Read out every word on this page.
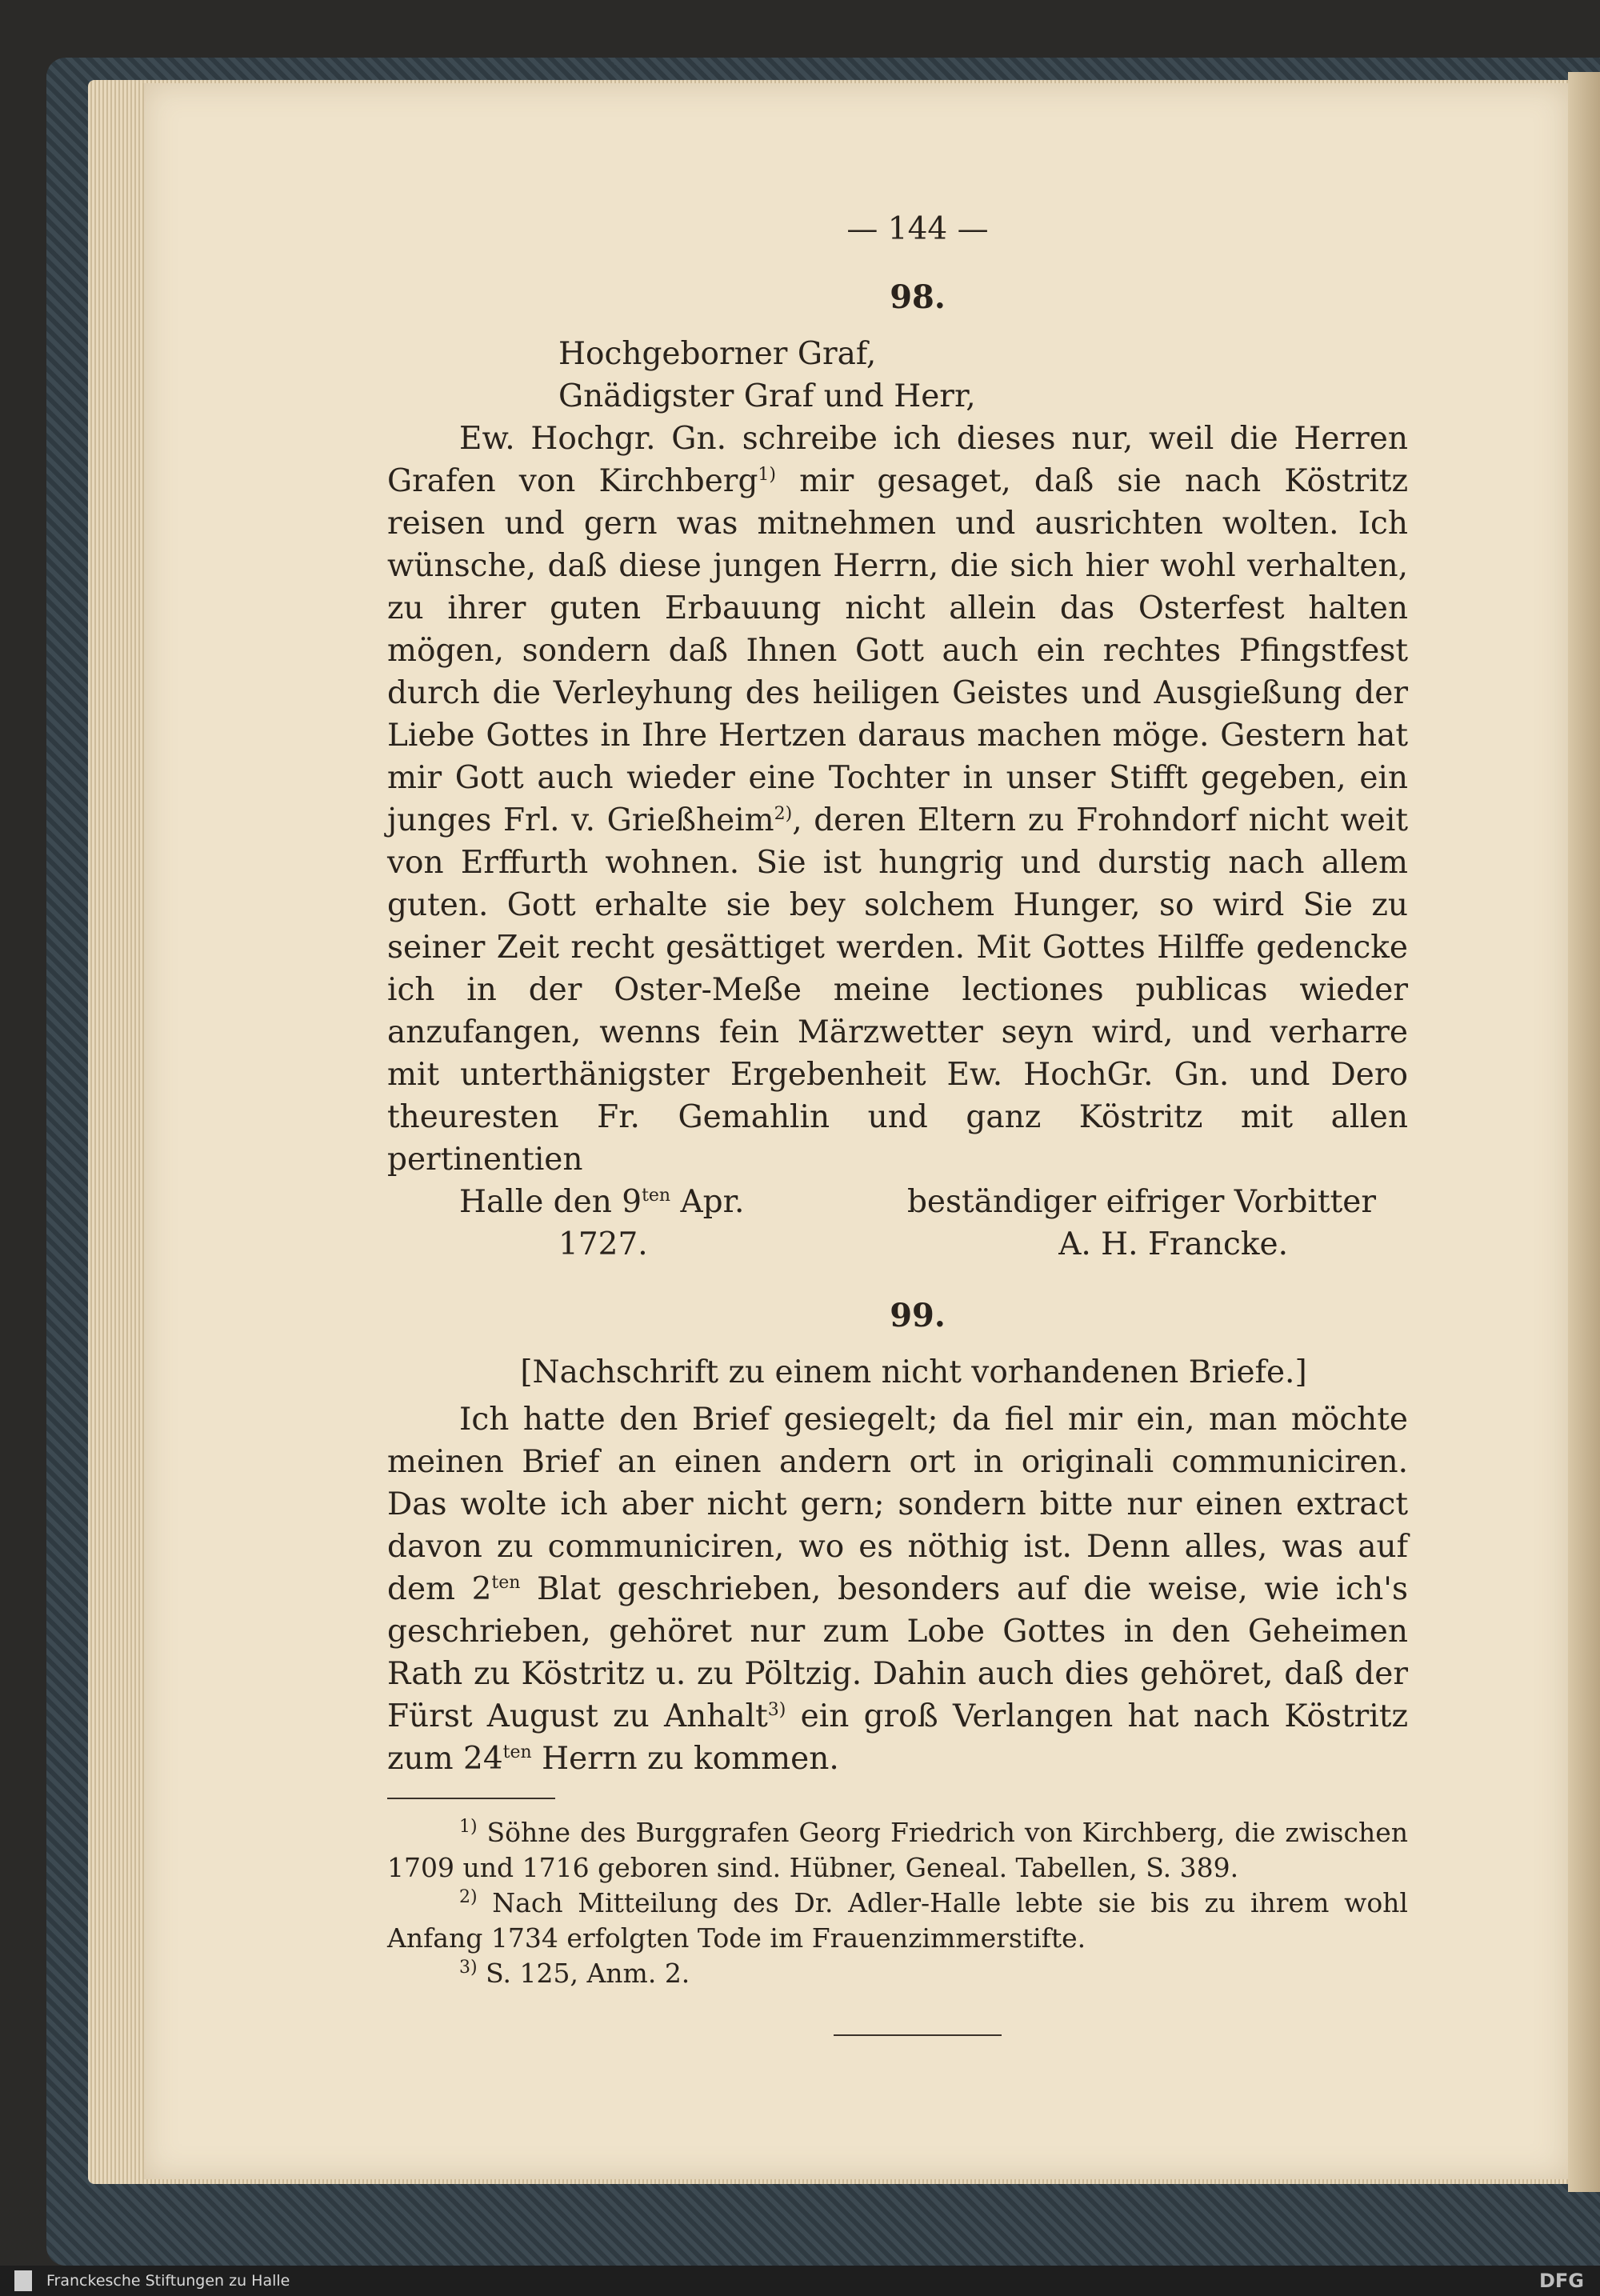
— 144 —
98.
Hochgeborner Graf,
Gnädigster Graf und Herr,

Ew. Hochgr. Gn. schreibe ich dieses nur, weil die Herren Grafen von Kirchberg$^{1)}$ mir gesaget, daß sie nach Köstritz reisen und gern was mitnehmen und ausrichten wolten. Ich wünsche, daß diese jungen Herrn, die sich hier wohl verhalten, zu ihrer guten Erbauung nicht allein das Osterfest halten mögen, sondern daß Ihnen Gott auch ein rechtes Pfingstfest durch die Verleyhung des heiligen Geistes und Ausgießung der Liebe Gottes in Ihre Hertzen daraus machen möge. Gestern hat mir Gott auch wieder eine Tochter in unser Stifft gegeben, ein junges Frl. v. Grießheim$^{2)}$, deren Eltern zu Frohndorf nicht weit von Erffurth wohnen. Sie ist hungrig und durstig nach allem guten. Gott erhalte sie bey solchem Hunger, so wird Sie zu seiner Zeit recht gesättiget werden. Mit Gottes Hilffe gedencke ich in der Oster-Meße meine lectiones publicas wieder anzufangen, wenns fein Märzwetter seyn wird, und verharre mit unterthänigster Ergebenheit Ew. HochGr. Gn. und Dero theuresten Fr. Gemahlin und ganz Köstritz mit allen pertinentien

Halle den $9^{ten}$ Apr.	beständiger eifriger Vorbitter
1727.	A. H. Francke.
99.
[Nachschrift zu einem nicht vorhandenen Briefe.]

Ich hatte den Brief gesiegelt; da fiel mir ein, man möchte meinen Brief an einen andern ort in originali communiciren. Das wolte ich aber nicht gern; sondern bitte nur einen extract davon zu communiciren, wo es nöthig ist. Denn alles, was auf dem $2^{ten}$ Blat geschrieben, besonders auf die weise, wie ich's geschrieben, gehöret nur zum Lobe Gottes in den Geheimen Rath zu Köstritz u. zu Pöltzig. Dahin auch dies gehöret, daß der Fürst August zu Anhalt$^{3)}$ ein groß Verlangen hat nach Köstritz zum $24^{ten}$ Herrn zu kommen.

$^{1)}$ Söhne des Burggrafen Georg Friedrich von Kirchberg, die zwischen 1709 und 1716 geboren sind. Hübner, Geneal. Tabellen, S. 389.

$^{2)}$ Nach Mitteilung des Dr. Adler-Halle lebte sie bis zu ihrem wohl Anfang 1734 erfolgten Tode im Frauenzimmerstifte.

$^{3)}$ S. 125, Anm. 2.

Franckesche Stiftungen zu Halle	DFG
